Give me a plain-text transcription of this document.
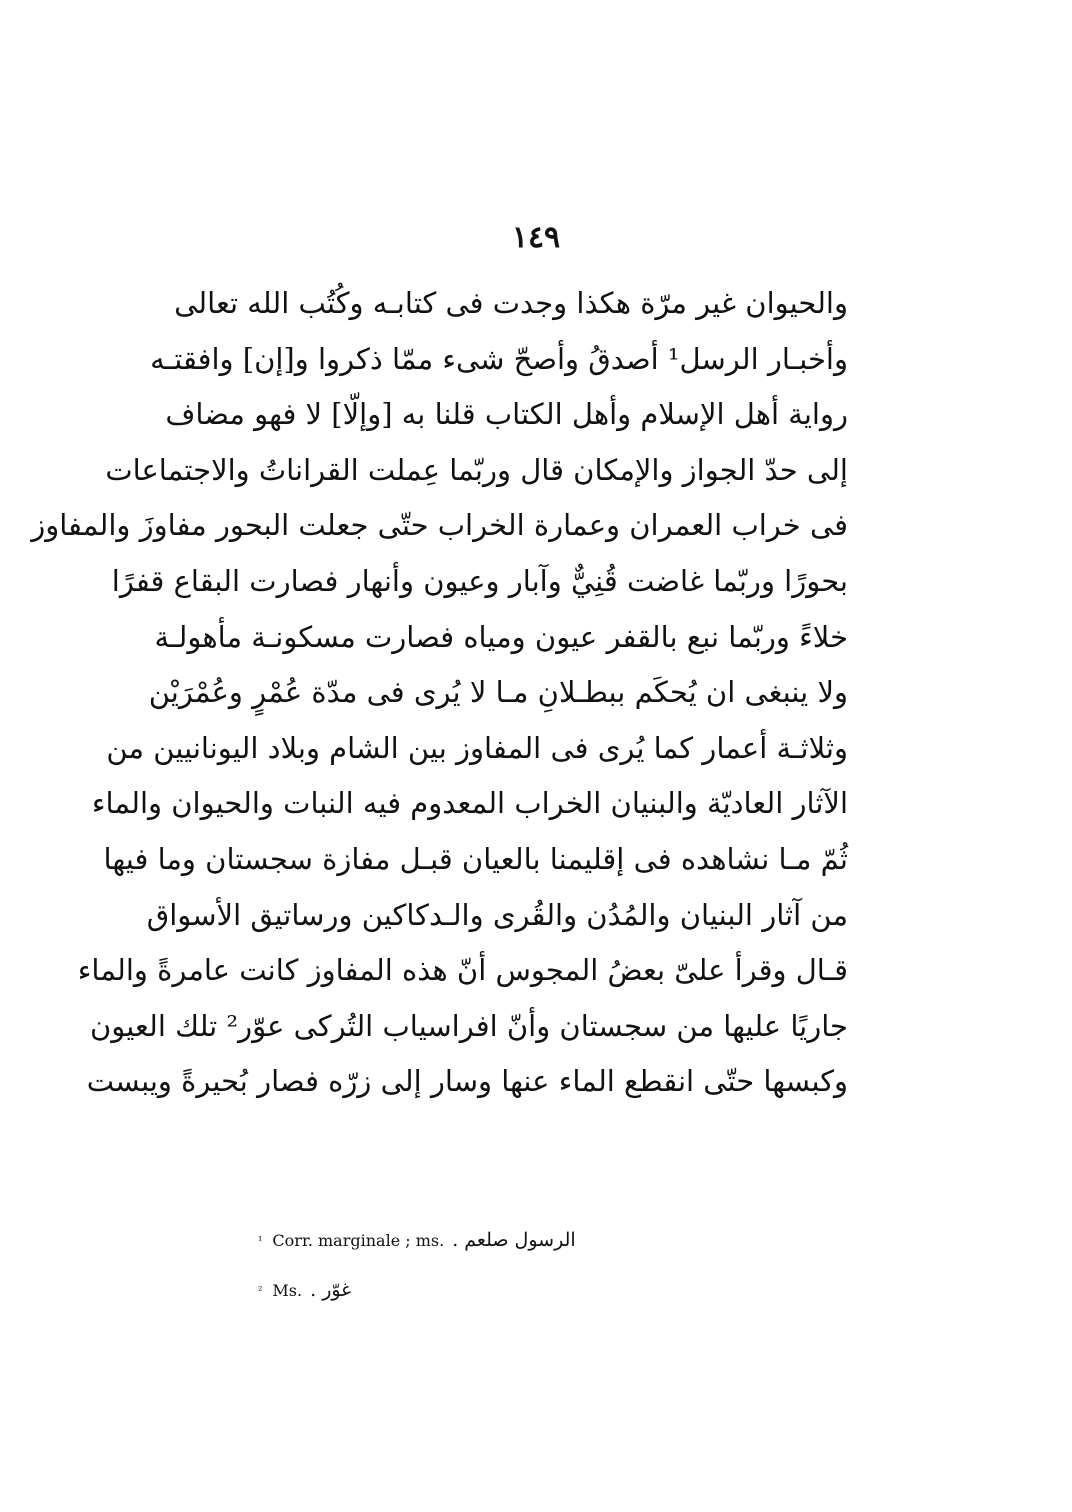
١٤٩
والحيوان غير مرّة هكذا وجدت فى كتابـه وكُتُب الله تعالى
وأخبـار الرسل¹ أصدقُ وأصحّ شىء ممّا ذكروا و[إن] وافقتـه
رواية أهل الإسلام وأهل الكتاب قلنا به [وإلّا] لا فهو مضاف
إلى حدّ الجواز والإمكان قال وربّما عِملت القراناتُ والاجتماعات
فى خراب العمران وعمارة الخراب حتّى جعلت البحور مفاوزَ والمفاوز
بحورًا وربّما غاضت قُنِيٌّ وآبار وعيون وأنهار فصارت البقاع قفرًا
خلاءً وربّما نبع بالقفر عيون ومياه فصارت مسكونـة مأهولـة
ولا ينبغى ان يُحكَم ببطـلانِ مـا لا يُرى فى مدّة عُمْرٍ وعُمْرَيْن
وثلاثـة أعمار كما يُرى فى المفاوز بين الشام وبلاد اليونانيين من
الآثار العاديّة والبنيان الخراب المعدوم فيه النبات والحيوان والماء
ثُمّ مـا نشاهده فى إقليمنا بالعيان قبـل مفازة سجستان وما فيها
من آثار البنيان والمُدُن والقُرى والـدكاكين ورساتيق الأسواق
قـال وقرأ علىّ بعضُ المجوس أنّ هذه المفاوز كانت عامرةً والماء
جاريًا عليها من سجستان وأنّ افراسياب التُركى عوّر² تلك العيون
وكبسها حتّى انقطع الماء عنها وسار إلى زرّه فصار بُحيرةً ويبست
¹ Corr. marginale ; ms. الرسول صلعم .
² Ms. غوّر .
